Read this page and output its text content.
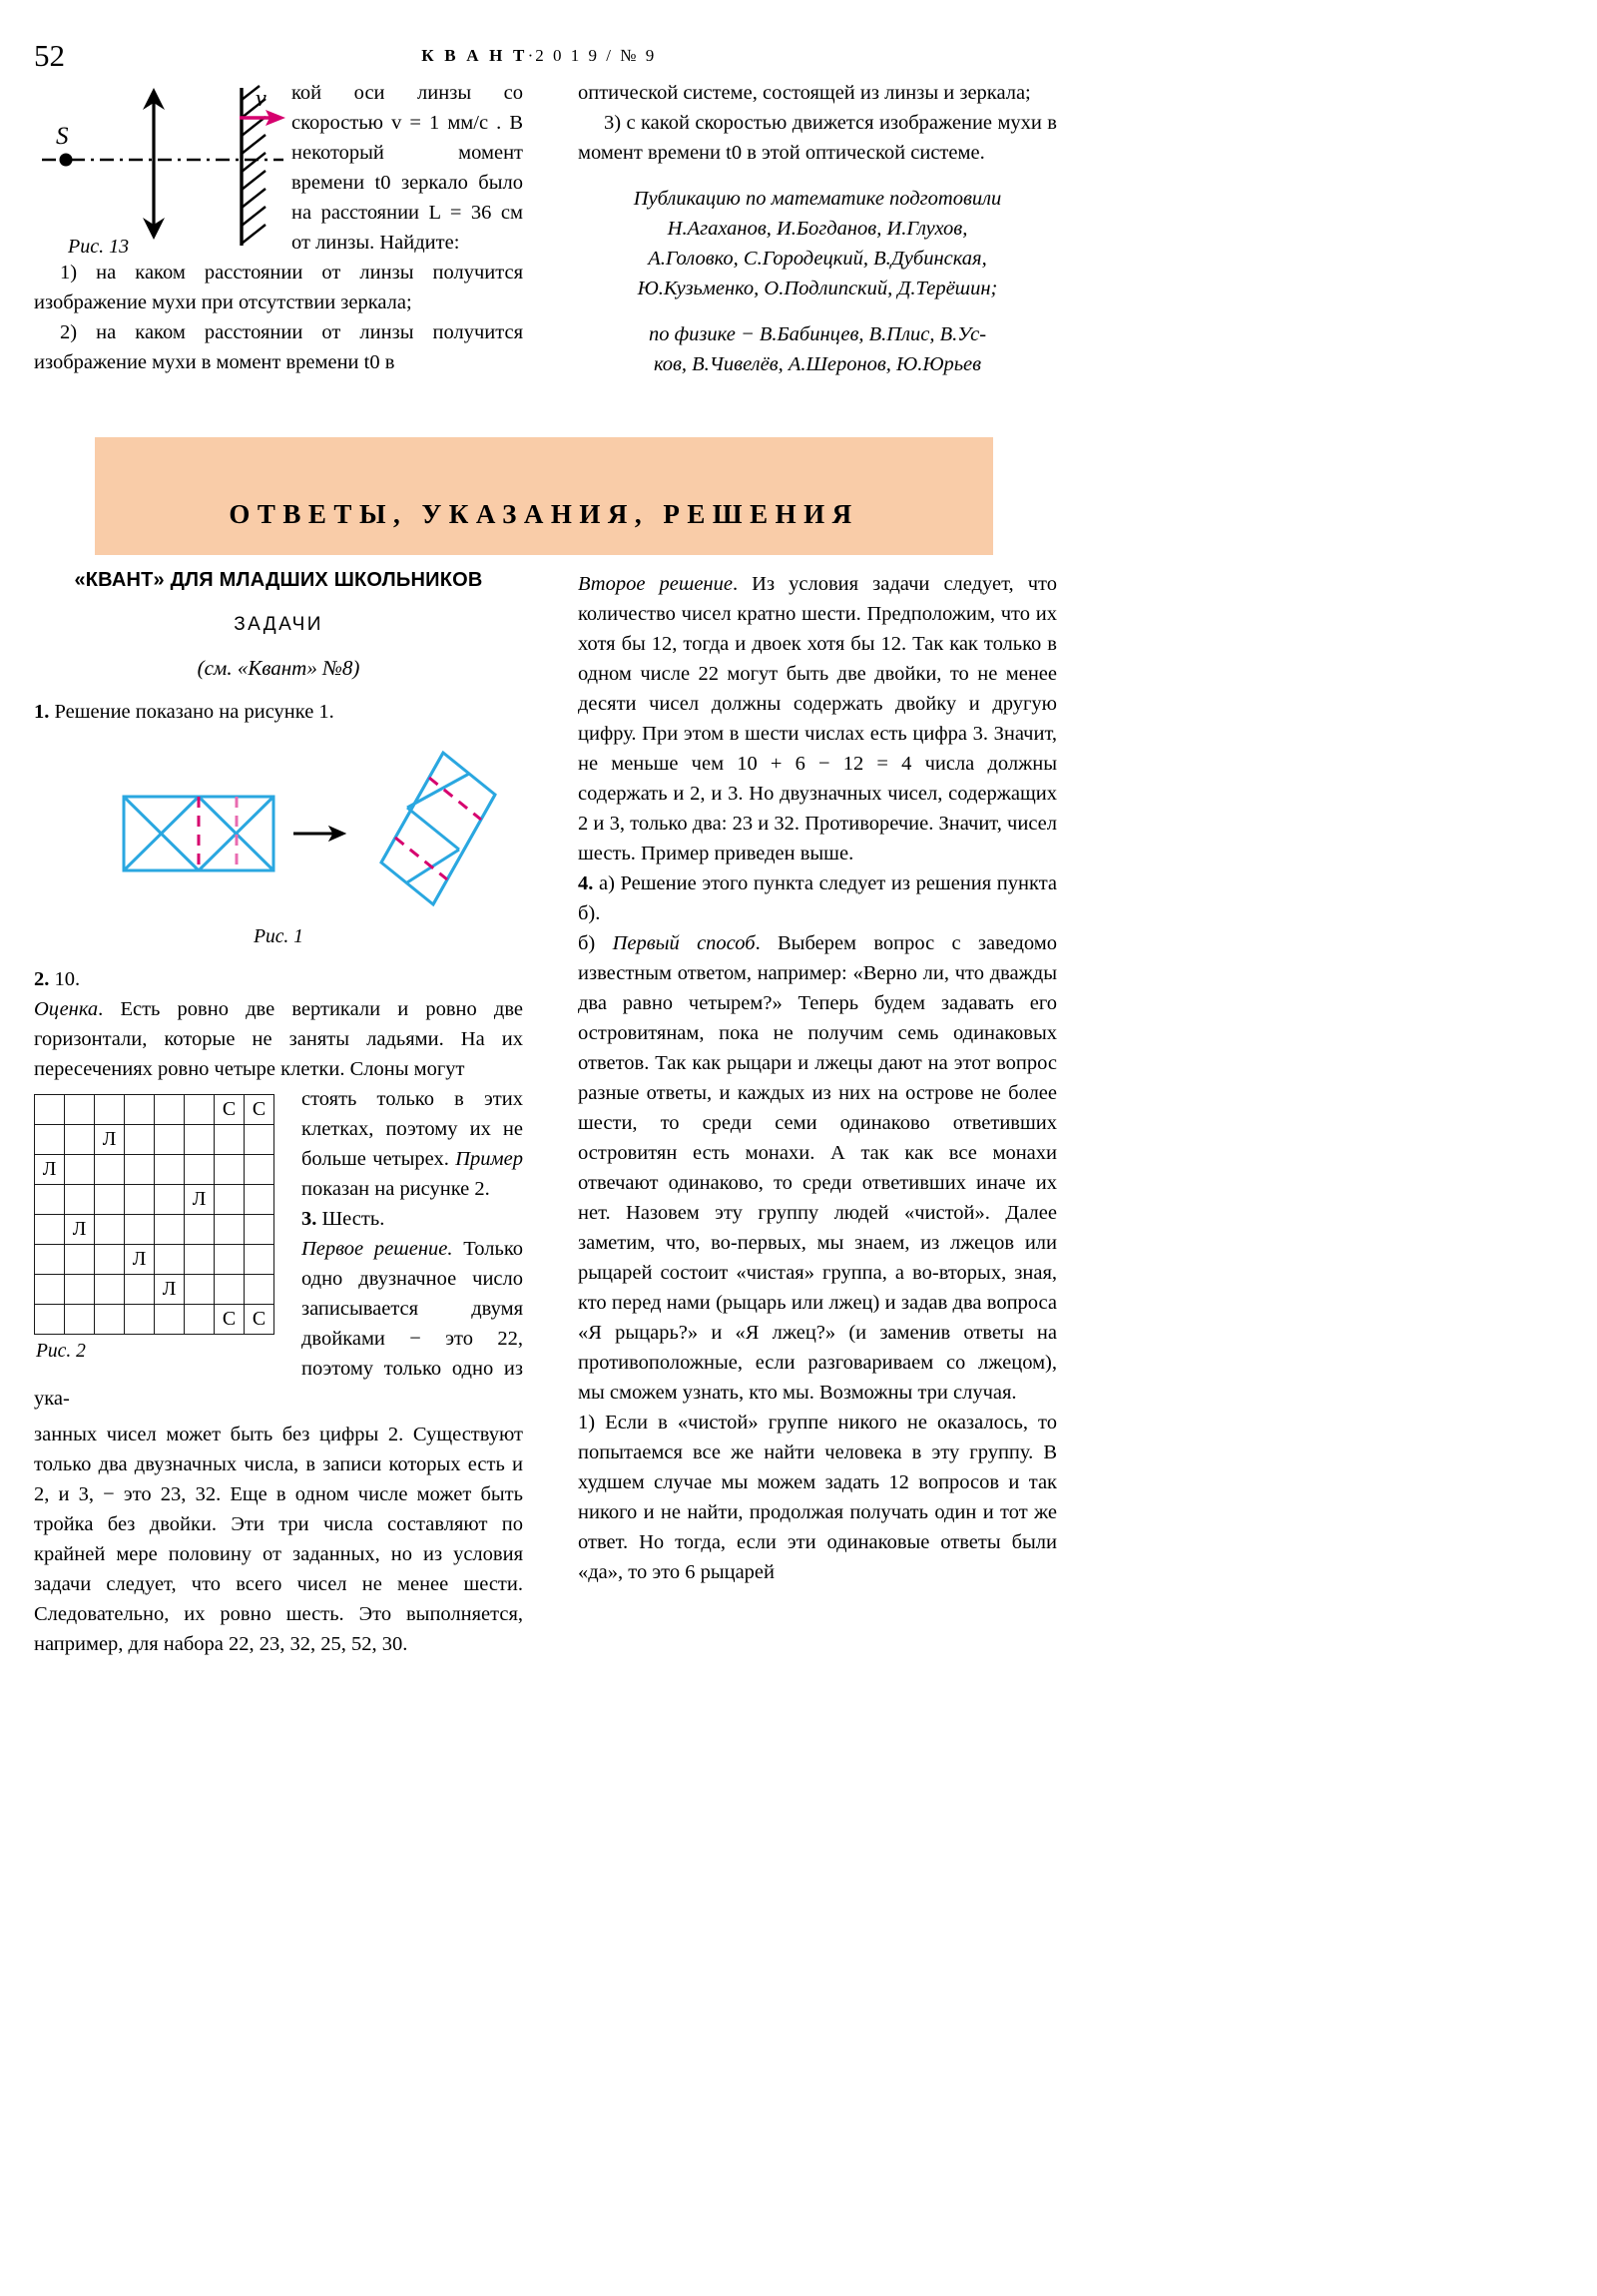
52	К В А Н Т·2 0 1 9 / № 9
S
v
Рис. 13

кой оси линзы со скоростью v = 1 мм/с . В некоторый момент времени t0 зеркало было на расстоянии L = 36 см от линзы. Найдите:

1) на каком расстоянии от линзы получится изображение мухи при отсутствии зеркала;

2) на каком расстоянии от линзы получится изображение мухи в момент времени t0 в

оптической системе, состоящей из линзы и зеркала;

3) с какой скоростью движется изображение мухи в момент времени t0 в этой оптической системе.

Публикацию по математике подготовили

Н.Агаханов, И.Богданов, И.Глухов,

А.Головко, С.Городецкий, В.Дубинская,

Ю.Кузьменко, О.Подлипский, Д.Терёшин;

по физике − В.Бабинцев, В.Плис, В.Ус-

ков, В.Чивелёв, А.Шеронов, Ю.Юрьев

ОТВЕТЫ, УКАЗАНИЯ, РЕШЕНИЯ
«КВАНТ» ДЛЯ МЛАДШИХ ШКОЛЬНИКОВ
ЗАДАЧИ
(см. «Квант» №8)

1. Решение показано на рисунке 1.

Рис. 1

2. 10.

Оценка. Есть ровно две вертикали и ровно две горизонтали, которые не заняты ладьями. На их пересечениях ровно четыре клетки. Слоны могут

						С	С
		Л					
Л							
					Л		
	Л						
			Л				
				Л			
						С	С
Рис. 2

стоять только в этих клетках, поэтому их не больше четырех. Пример показан на рисунке 2.

3. Шесть.

Первое решение. Только одно двузначное число записывается двумя двойками − это 22, поэтому только одно из ука-

занных чисел может быть без цифры 2. Существуют только два двузначных числа, в записи которых есть и 2, и 3, − это 23, 32. Еще в одном числе может быть тройка без двойки. Эти три числа составляют по крайней мере половину от заданных, но из условия задачи следует, что всего чисел не менее шести. Следовательно, их ровно шесть. Это выполняется, например, для набора 22, 23, 32, 25, 52, 30.

Второе решение. Из условия задачи следует, что количество чисел кратно шести. Предположим, что их хотя бы 12, тогда и двоек хотя бы 12. Так как только в одном числе 22 могут быть две двойки, то не менее десяти чисел должны содержать двойку и другую цифру. При этом в шести числах есть цифра 3. Значит, не меньше чем 10 + 6 − 12 = 4 числа должны содержать и 2, и 3. Но двузначных чисел, содержащих 2 и 3, только два: 23 и 32. Противоречие. Значит, чисел шесть. Пример приведен выше.

4. а) Решение этого пункта следует из решения пункта б).

б) Первый способ. Выберем вопрос с заведомо известным ответом, например: «Верно ли, что дважды два равно четырем?» Теперь будем задавать его островитянам, пока не получим семь одинаковых ответов. Так как рыцари и лжецы дают на этот вопрос разные ответы, и каждых из них на острове не более шести, то среди семи одинаково ответивших островитян есть монахи. А так как все монахи отвечают одинаково, то среди ответивших иначе их нет. Назовем эту группу людей «чистой». Далее заметим, что, во-первых, мы знаем, из лжецов или рыцарей состоит «чистая» группа, а во-вторых, зная, кто перед нами (рыцарь или лжец) и задав два вопроса «Я рыцарь?» и «Я лжец?» (и заменив ответы на противоположные, если разговариваем со лжецом), мы сможем узнать, кто мы. Возможны три случая.

1) Если в «чистой» группе никого не оказалось, то попытаемся все же найти человека в эту группу. В худшем случае мы можем задать 12 вопросов и так никого и не найти, продолжая получать один и тот же ответ. Но тогда, если эти одинаковые ответы были «да», то это 6 рыцарей
